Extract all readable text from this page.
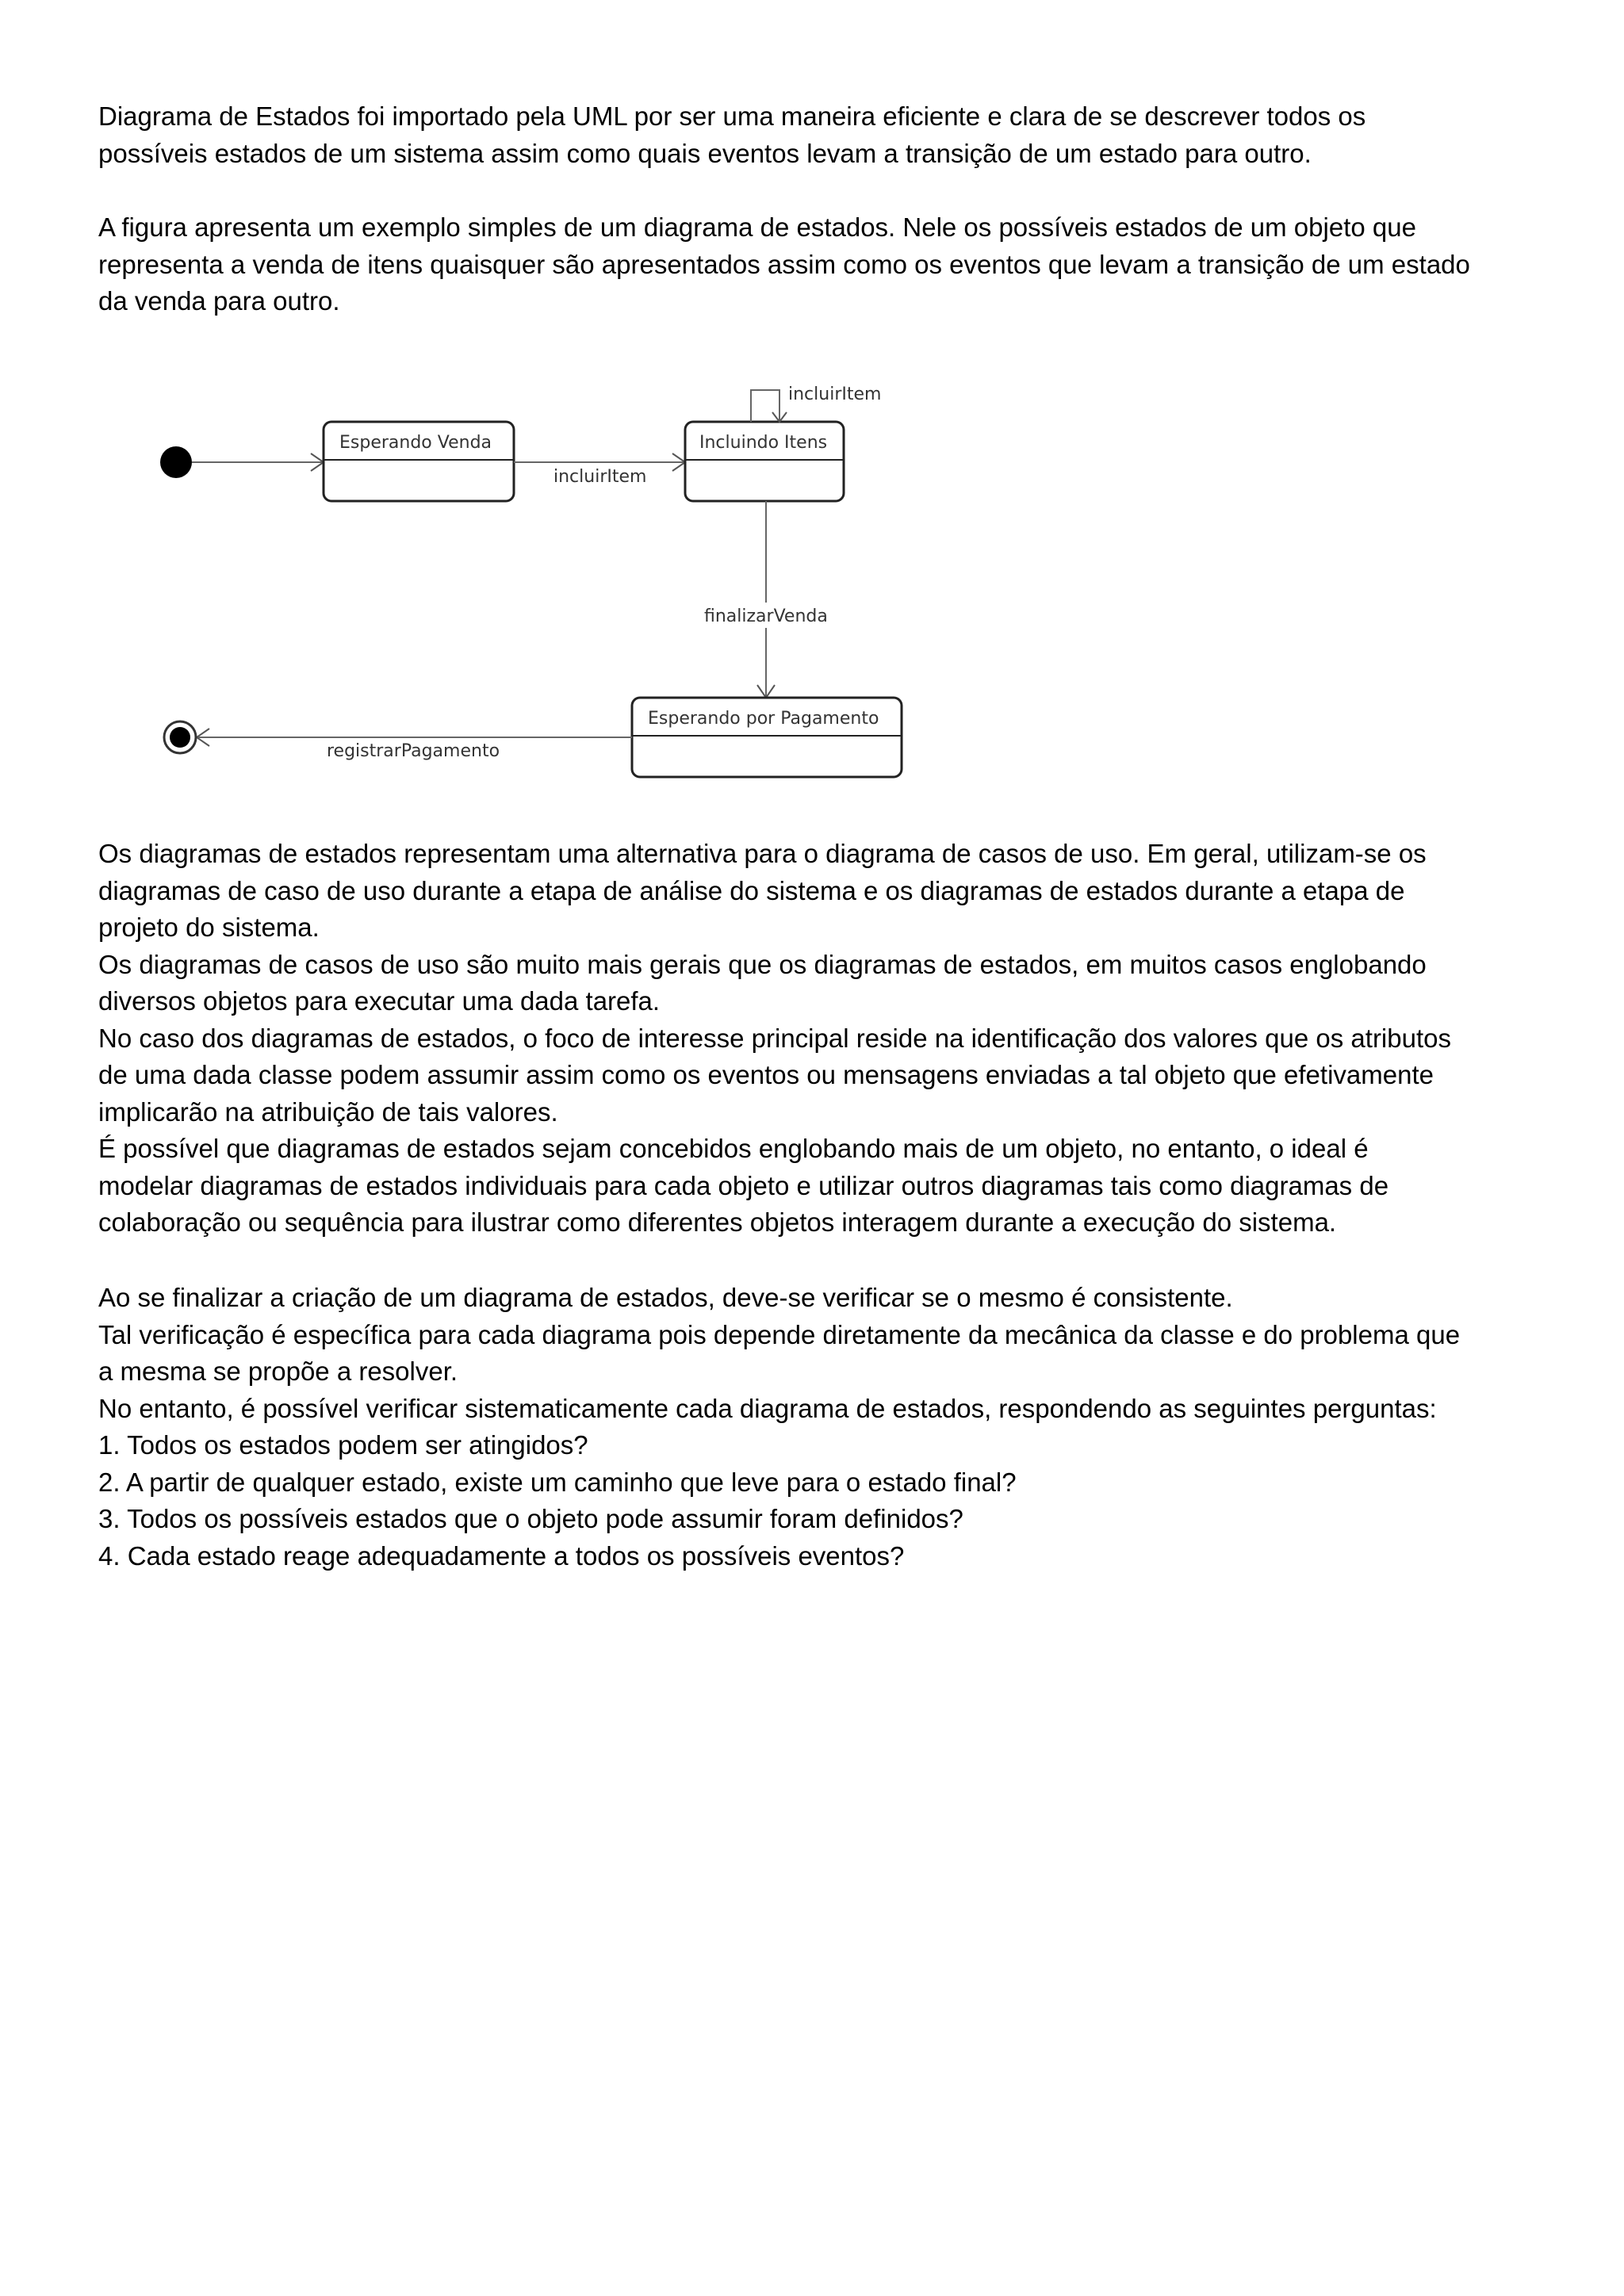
Diagrama de Estados foi importado pela UML por ser uma maneira eficiente e clara de se descrever todos os

possíveis estados de um sistema assim como quais eventos levam a transição de um estado para outro.

A figura apresenta um exemplo simples de um diagrama de estados. Nele os possíveis estados de um objeto que

representa a venda de itens quaisquer são apresentados assim como os eventos que levam a transição de um estado

da venda para outro.

Esperando Venda
incluirItem
Incluindo Itens
incluirItem
finalizarVenda
Esperando por Pagamento
registrarPagamento

Os diagramas de estados representam uma alternativa para o diagrama de casos de uso. Em geral, utilizam-se os

diagramas de caso de uso durante a etapa de análise do sistema e os diagramas de estados durante a etapa de

projeto do sistema.

Os diagramas de casos de uso são muito mais gerais que os diagramas de estados, em muitos casos englobando

diversos objetos para executar uma dada tarefa.

No caso dos diagramas de estados, o foco de interesse principal reside na identificação dos valores que os atributos

de uma dada classe podem assumir assim como os eventos ou mensagens enviadas a tal objeto que efetivamente

implicarão na atribuição de tais valores.

É possível que diagramas de estados sejam concebidos englobando mais de um objeto, no entanto, o ideal é

modelar diagramas de estados individuais para cada objeto e utilizar outros diagramas tais como diagramas de

colaboração ou sequência para ilustrar como diferentes objetos interagem durante a execução do sistema.

Ao se finalizar a criação de um diagrama de estados, deve-se verificar se o mesmo é consistente.

Tal verificação é específica para cada diagrama pois depende diretamente da mecânica da classe e do problema que

a mesma se propõe a resolver.

No entanto, é possível verificar sistematicamente cada diagrama de estados, respondendo as seguintes perguntas:

1. Todos os estados podem ser atingidos?

2. A partir de qualquer estado, existe um caminho que leve para o estado final?

3. Todos os possíveis estados que o objeto pode assumir foram definidos?

4. Cada estado reage adequadamente a todos os possíveis eventos?
